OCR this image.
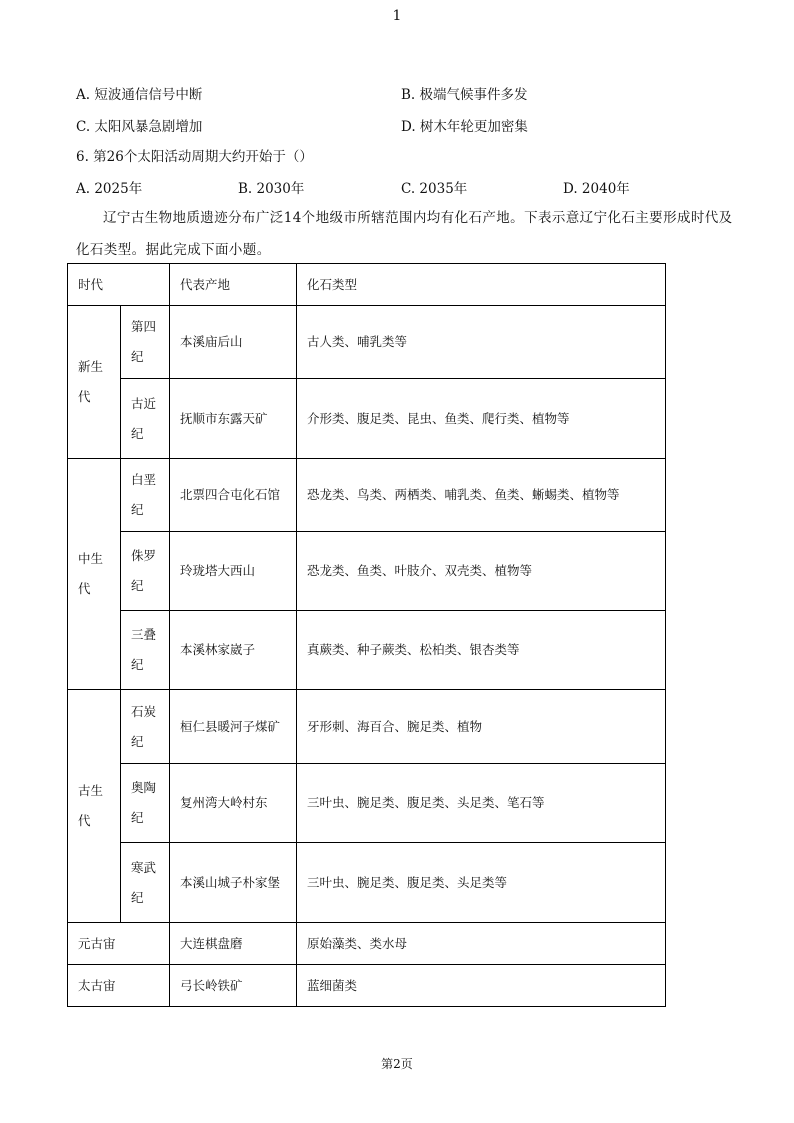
1
A. 短波通信信号中断	B. 极端气候事件多发
C. 太阳风暴急剧增加	D. 树木年轮更加密集
6. 第26个太阳活动周期大约开始于（）
A. 2025年	B. 2030年	C. 2035年	D. 2040年
辽宁古生物地质遗迹分布广泛14个地级市所辖范围内均有化石产地。下表示意辽宁化石主要形成时代及化石类型。据此完成下面小题。
时代		代表产地	化石类型
新生代	第四纪	本溪庙后山	古人类、哺乳类等
	古近纪	抚顺市东露天矿	介形类、腹足类、昆虫、鱼类、爬行类、植物等
中生代	白垩纪	北票四合屯化石馆	恐龙类、鸟类、两栖类、哺乳类、鱼类、蜥蜴类、植物等
	侏罗纪	玲珑塔大西山	恐龙类、鱼类、叶肢介、双壳类、植物等
	三叠纪	本溪林家崴子	真蕨类、种子蕨类、松柏类、银杏类等
古生代	石炭纪	桓仁县暖河子煤矿	牙形刺、海百合、腕足类、植物
	奥陶纪	复州湾大岭村东	三叶虫、腕足类、腹足类、头足类、笔石等
	寒武纪	本溪山城子朴家堡	三叶虫、腕足类、腹足类、头足类等
元古宙		大连棋盘磨	原始藻类、类水母
太古宙		弓长岭铁矿	蓝细菌类
第2页
